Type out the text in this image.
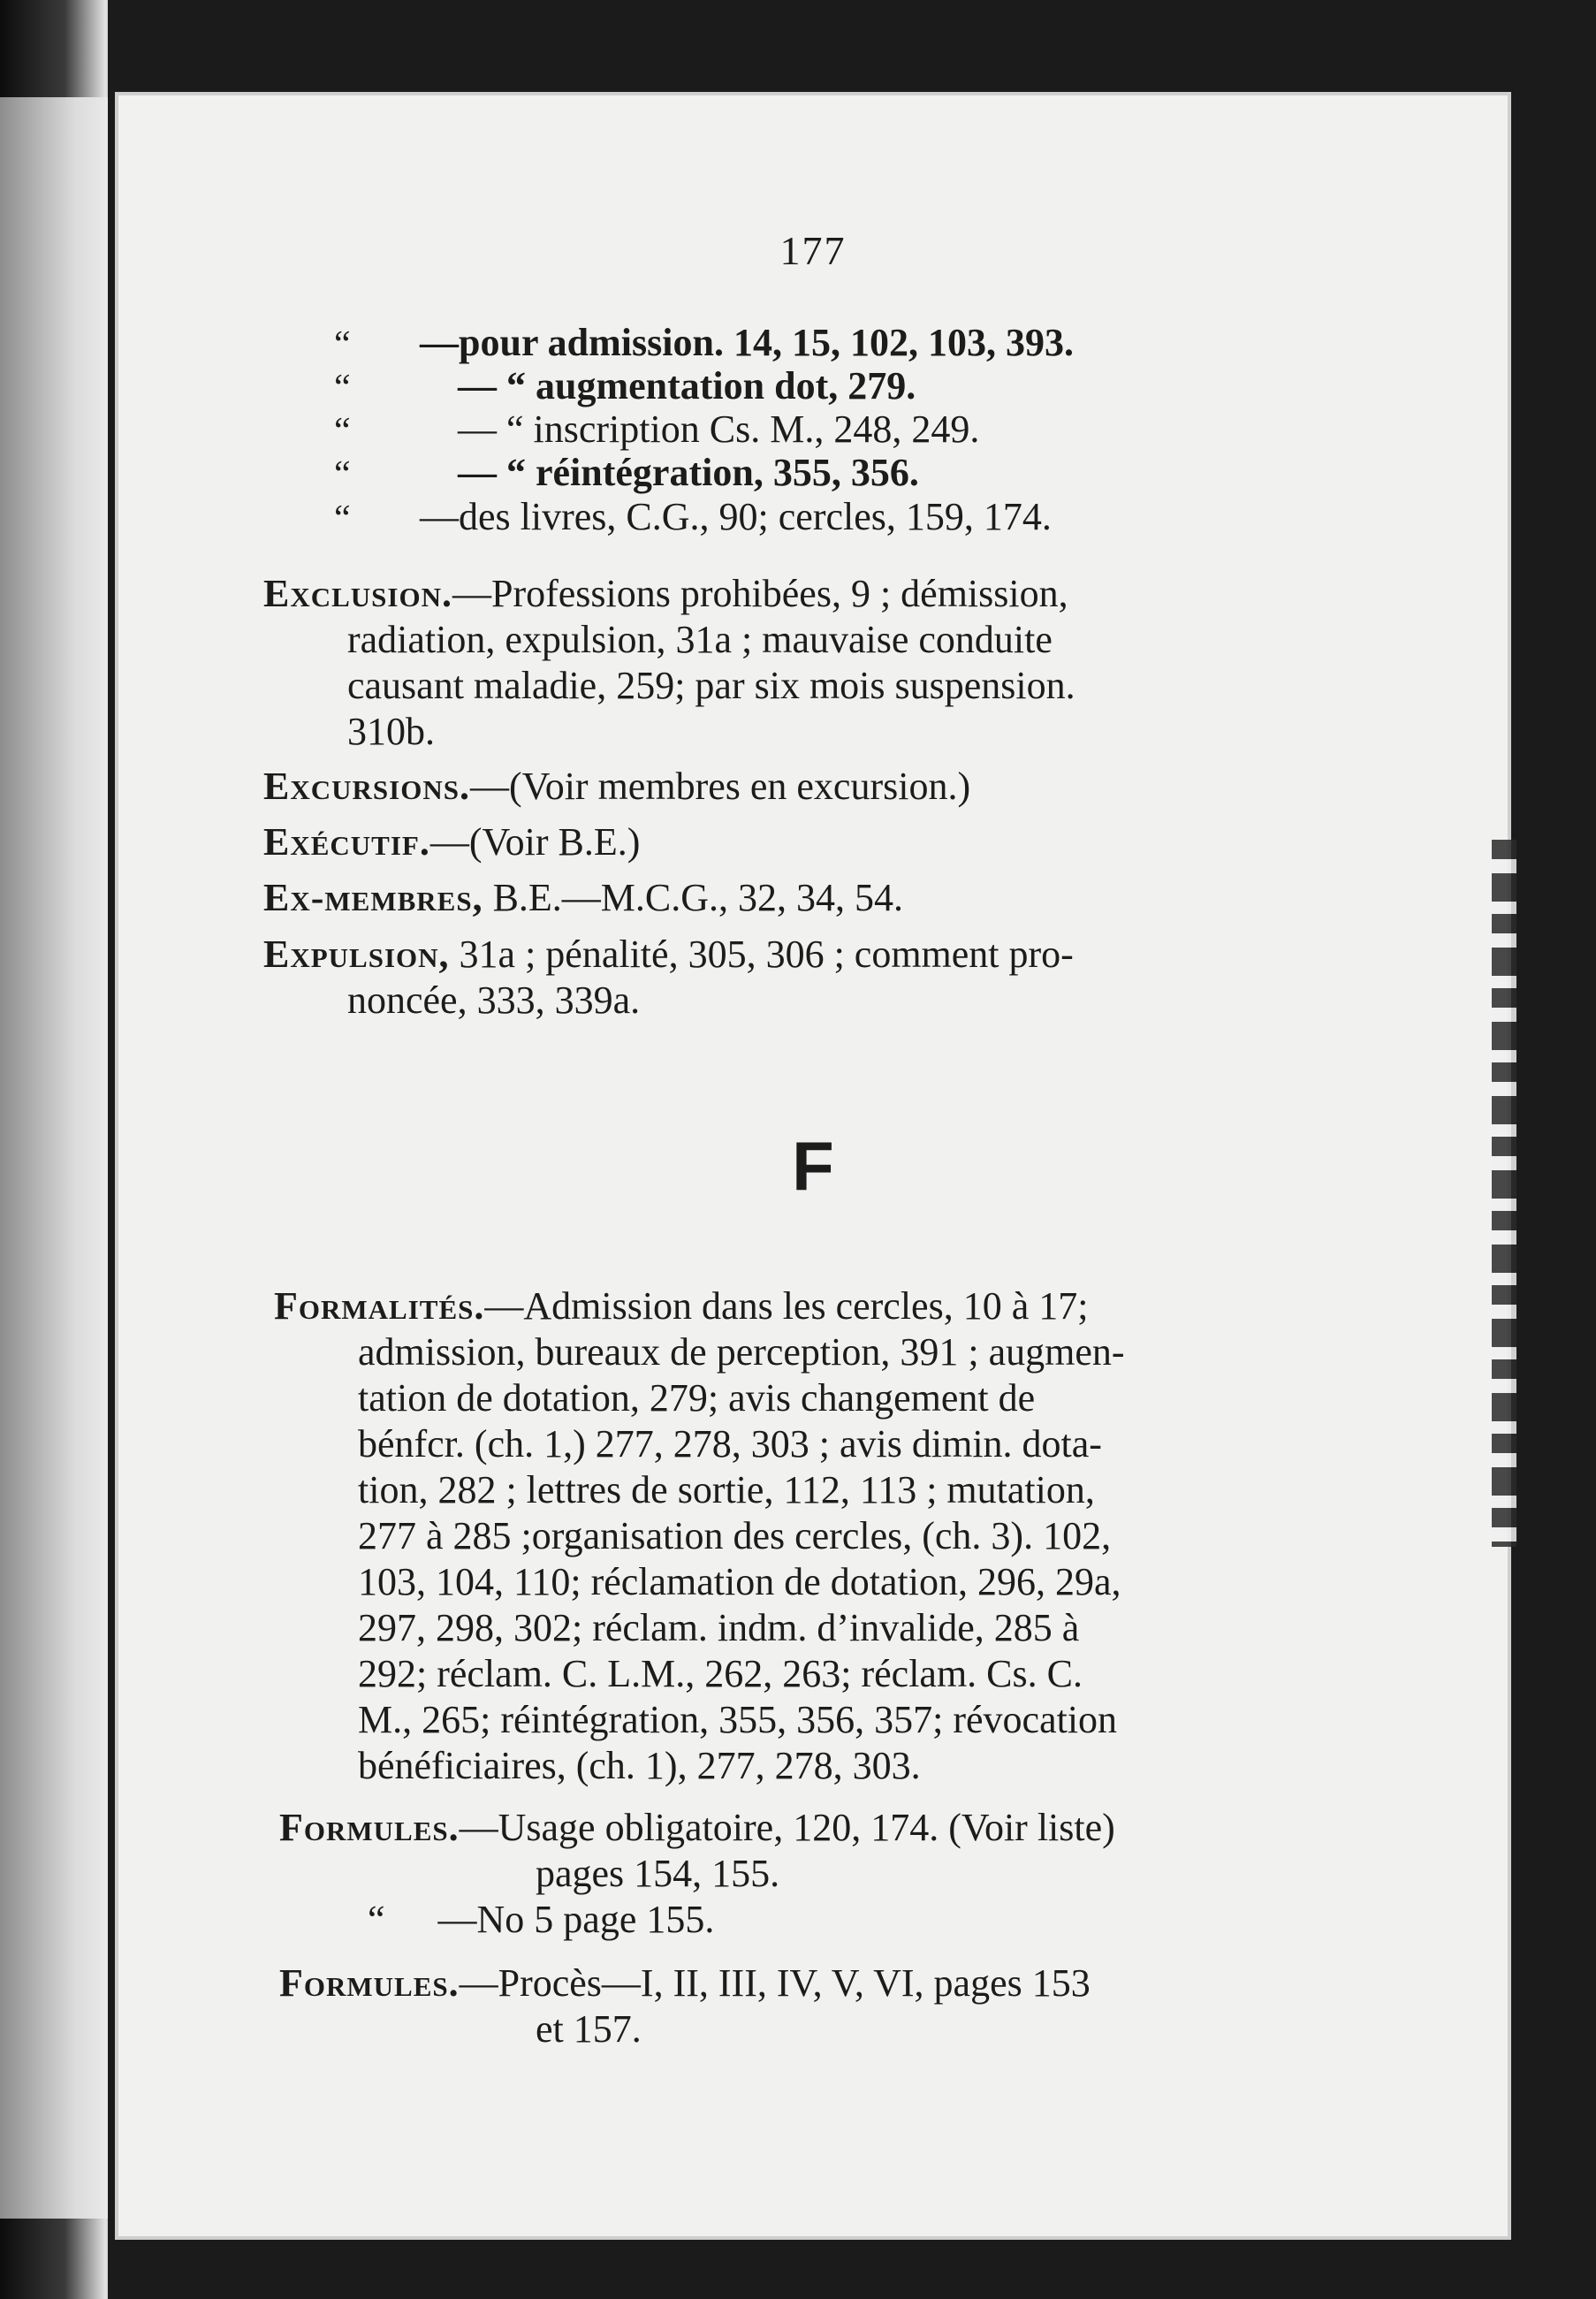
177
“ —pour admission. 14, 15, 102, 103, 393.
“	— “ augmentation dot, 279.
“	— “ inscription Cs. M., 248, 249.
“	— “ réintégration, 355, 356.
“ —des livres, C.G., 90; cercles, 159, 174.
Exclusion.—Professions prohibées, 9 ; démission,
radiation, expulsion, 31a ; mauvaise conduite
causant maladie, 259; par six mois suspension.
310b.
Excursions.—(Voir membres en excursion.)
Exécutif.—(Voir B.E.)
Ex-membres, B.E.—M.C.G., 32, 34, 54.
Expulsion, 31a ; pénalité, 305, 306 ; comment pro-
noncée, 333, 339a.
F
Formalités.—Admission dans les cercles, 10 à 17;
admission, bureaux de perception, 391 ; augmen-
tation de dotation, 279; avis changement de
bénfcr. (ch. 1,) 277, 278, 303 ; avis dimin. dota-
tion, 282 ; lettres de sortie, 112, 113 ; mutation,
277 à 285 ;organisation des cercles, (ch. 3). 102,
103, 104, 110; réclamation de dotation, 296, 29a,
297, 298, 302; réclam. indm. d’invalide, 285 à
292; réclam. C. L.M., 262, 263; réclam. Cs. C.
M., 265; réintégration, 355, 356, 357; révocation
bénéficiaires, (ch. 1), 277, 278, 303.
Formules.—Usage obligatoire, 120, 174. (Voir liste)
pages 154, 155.
“ —No 5 page 155.
Formules.—Procès—I, II, III, IV, V, VI, pages 153
et 157.
